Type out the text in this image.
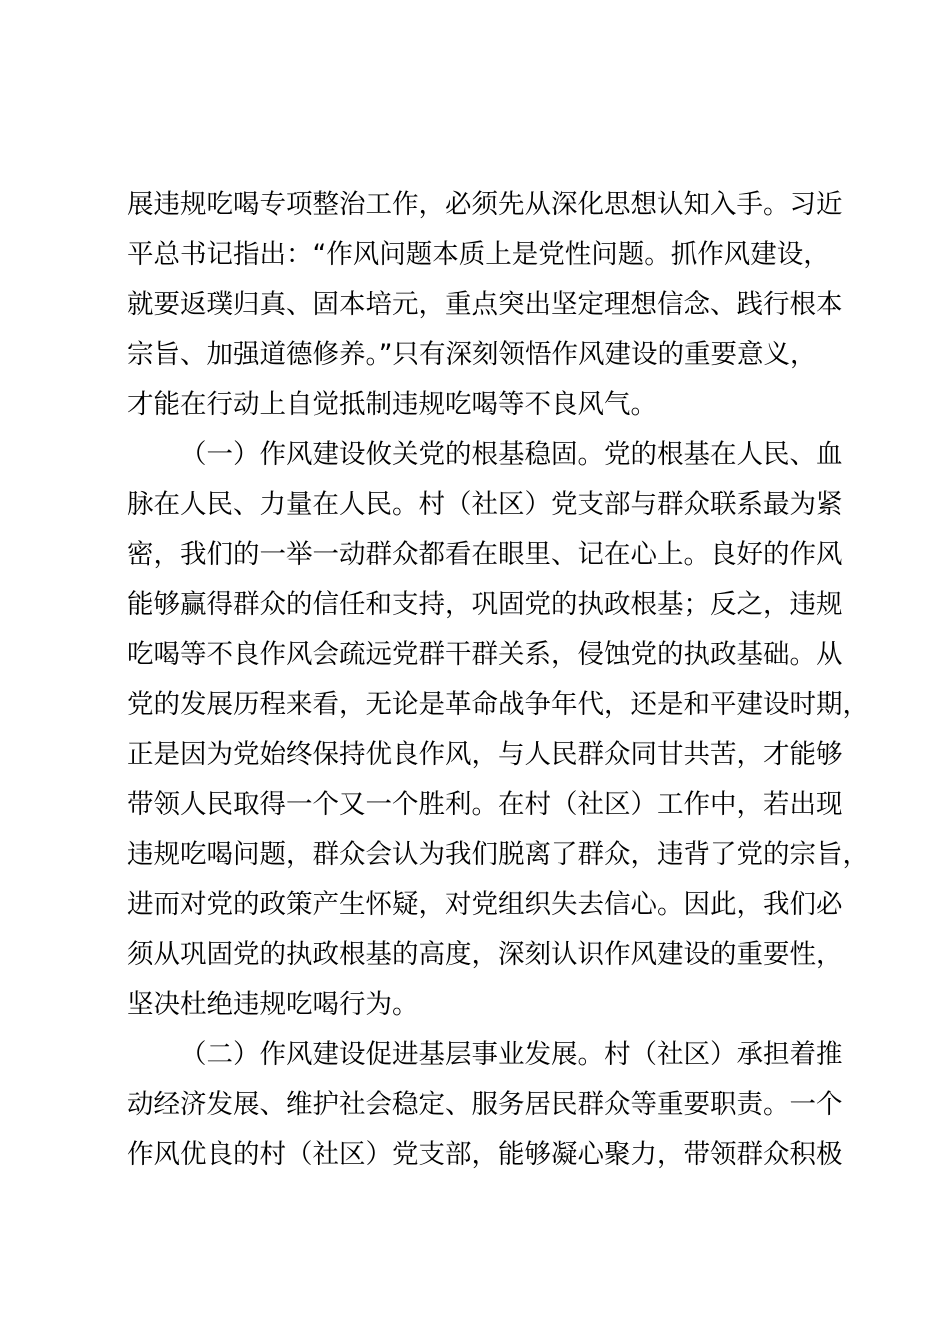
展违规吃喝专项整治工作，必须先从深化思想认知入手。习近
平总书记指出：“作风问题本质上是党性问题。抓作风建设，
就要返璞归真、固本培元，重点突出坚定理想信念、践行根本
宗旨、加强道德修养。”只有深刻领悟作风建设的重要意义，
才能在行动上自觉抵制违规吃喝等不良风气。

（一）作风建设攸关党的根基稳固。党的根基在人民、血
脉在人民、力量在人民。村（社区）党支部与群众联系最为紧
密，我们的一举一动群众都看在眼里、记在心上。良好的作风
能够赢得群众的信任和支持，巩固党的执政根基；反之，违规
吃喝等不良作风会疏远党群干群关系，侵蚀党的执政基础。从
党的发展历程来看，无论是革命战争年代，还是和平建设时期，
正是因为党始终保持优良作风，与人民群众同甘共苦，才能够
带领人民取得一个又一个胜利。在村（社区）工作中，若出现
违规吃喝问题，群众会认为我们脱离了群众，违背了党的宗旨，
进而对党的政策产生怀疑，对党组织失去信心。因此，我们必
须从巩固党的执政根基的高度，深刻认识作风建设的重要性，
坚决杜绝违规吃喝行为。

（二）作风建设促进基层事业发展。村（社区）承担着推
动经济发展、维护社会稳定、服务居民群众等重要职责。一个
作风优良的村（社区）党支部，能够凝心聚力，带领群众积极
